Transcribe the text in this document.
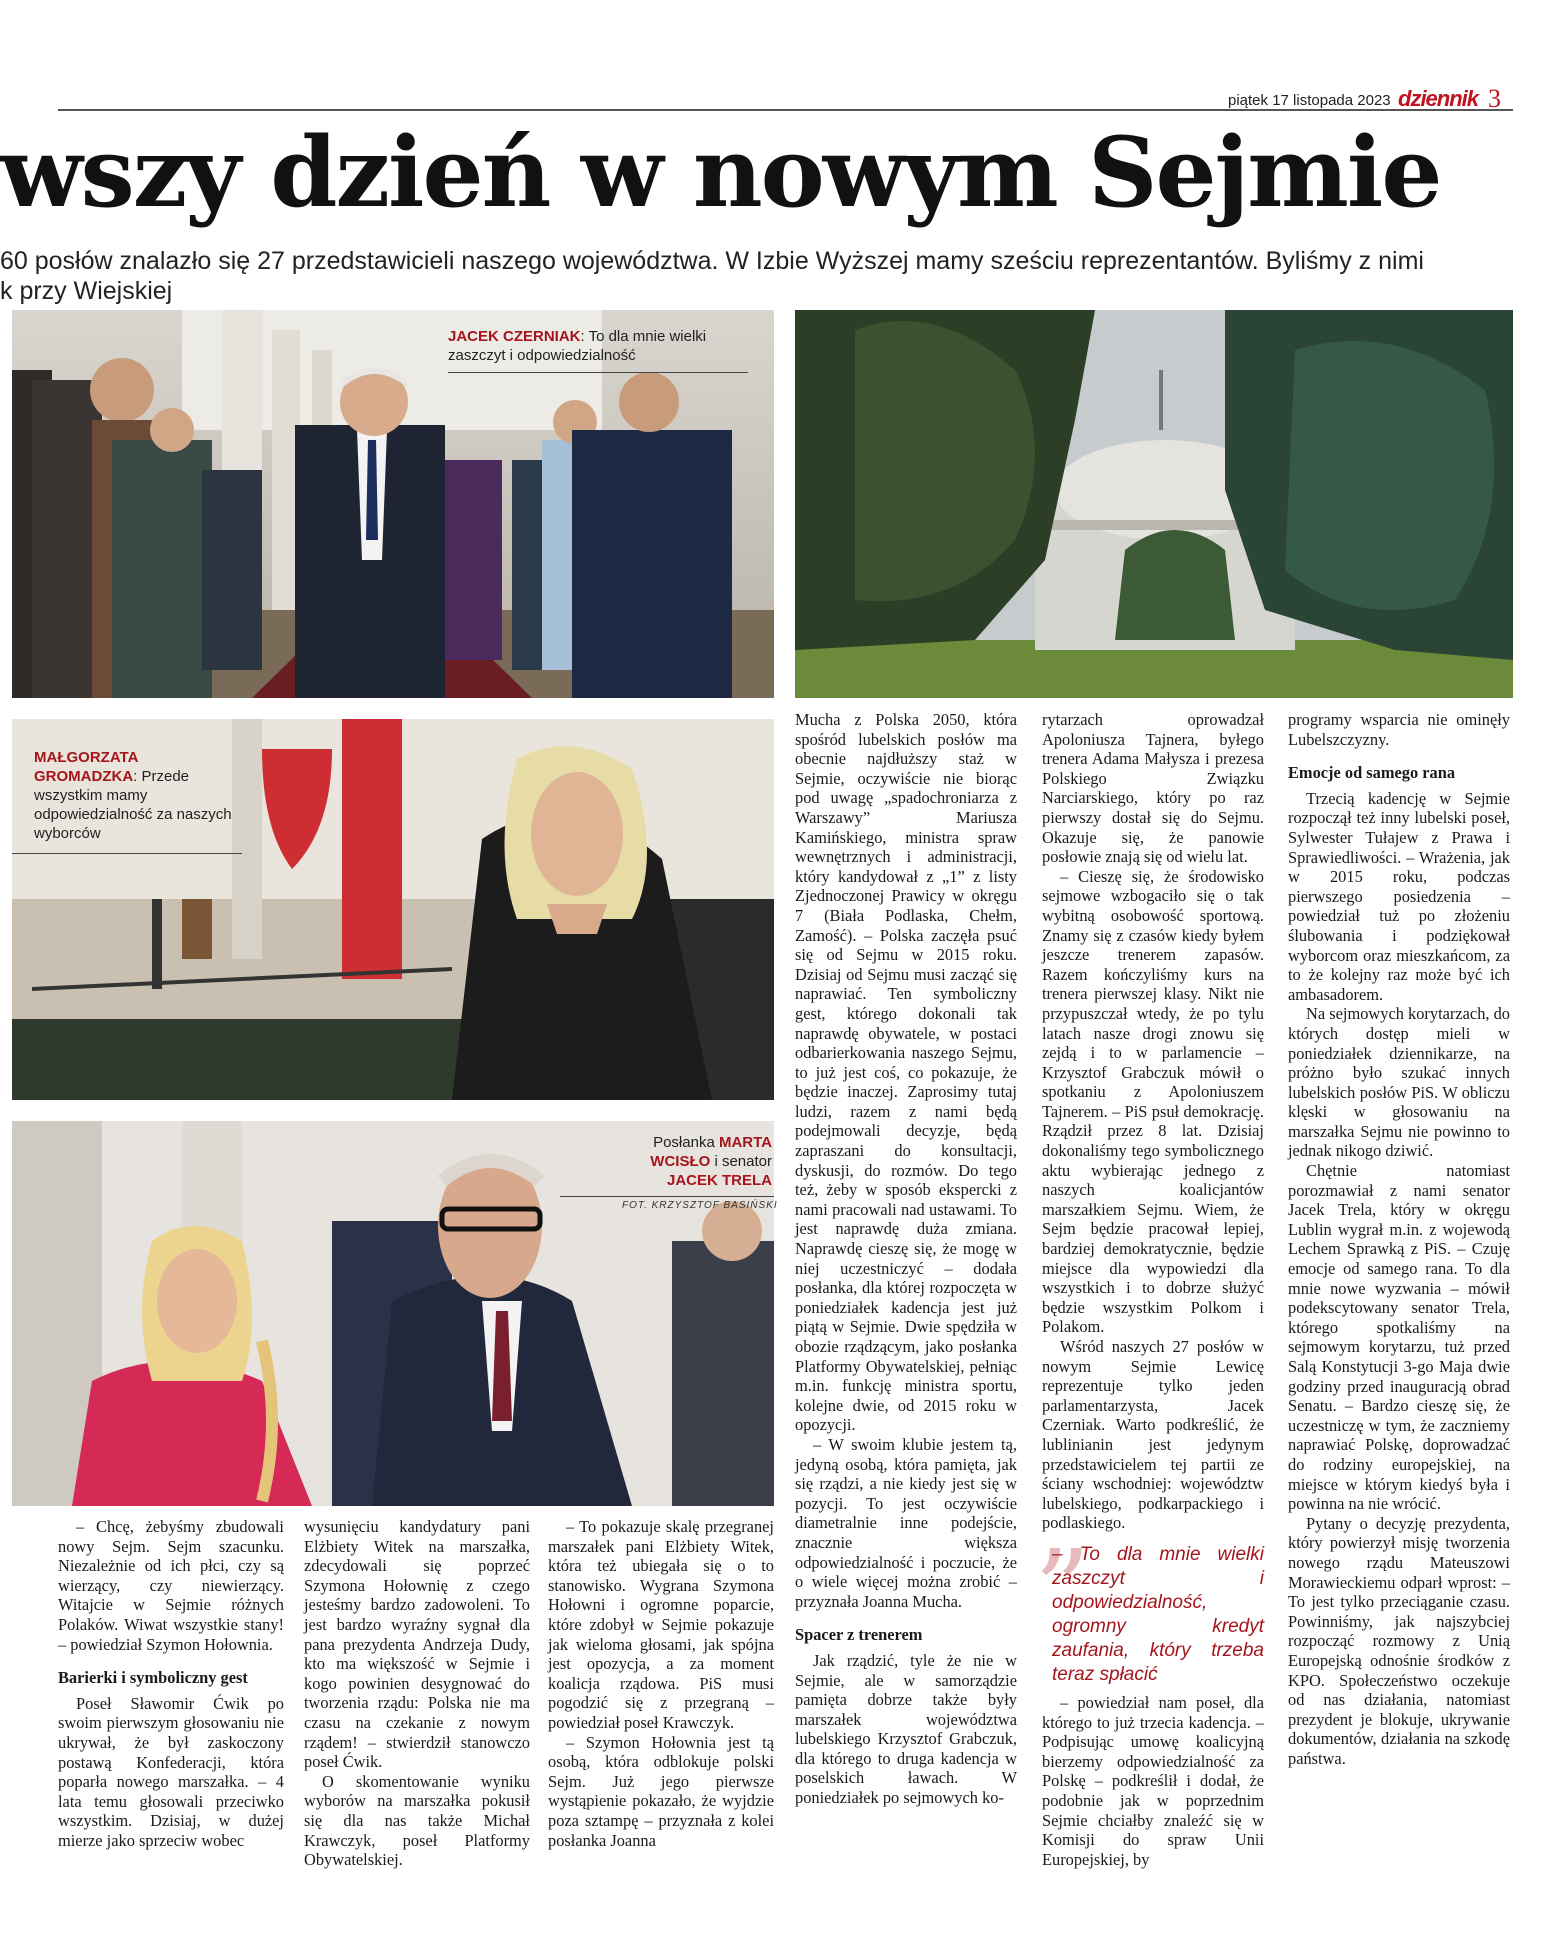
piątek 17 listopada 2023 dziennik 3
wszy dzień w nowym Sejmie
60 posłów znalazło się 27 przedstawicieli naszego województwa. W Izbie Wyższej mamy sześciu reprezentantów. Byliśmy z nimi
k przy Wiejskiej
JACEK CZERNIAK: To dla mnie wielki zaszczyt i odpowiedzialność
MAŁGORZATA GROMADZKA: Przede wszystkim mamy odpowiedzialność za naszych wyborców
Posłanka MARTA WCISŁO i senator JACEK TRELA
FOT. KRZYSZTOF BASIŃSKI

– Chcę, żebyśmy zbudowali nowy Sejm. Sejm szacunku. Niezależnie od ich płci, czy są wierzący, czy niewierzący. Witajcie w Sejmie różnych Polaków. Wiwat wszystkie stany! – powiedział Szymon Hołownia.

Barierki i symboliczny gest

Poseł Sławomir Ćwik po swoim pierwszym głosowaniu nie ukrywał, że był zaskoczony postawą Konfederacji, która poparła nowego marszałka. – 4 lata temu głosowali przeciwko wszystkim. Dzisiaj, w dużej mierze jako sprzeciw wobec

wysunięciu kandydatury pani Elżbiety Witek na marszałka, zdecydowali się poprzeć Szymona Hołownię z czego jesteśmy bardzo zadowoleni. To jest bardzo wyraźny sygnał dla pana prezydenta Andrzeja Dudy, kto ma większość w Sejmie i kogo powinien desygnować do tworzenia rządu: Polska nie ma czasu na czekanie z nowym rządem! – stwierdził stanowczo poseł Ćwik.

O skomentowanie wyniku wyborów na marszałka pokusił się dla nas także Michał Krawczyk, poseł Platformy Obywatelskiej.

– To pokazuje skalę przegranej marszałek pani Elżbiety Witek, która też ubiegała się o to stanowisko. Wygrana Szymona Hołowni i ogromne poparcie, które zdobył w Sejmie pokazuje jak wieloma głosami, jak spójna jest opozycja, a za moment koalicja rządowa. PiS musi pogodzić się z przegraną – powiedział poseł Krawczyk.

– Szymon Hołownia jest tą osobą, która odblokuje polski Sejm. Już jego pierwsze wystąpienie pokazało, że wyjdzie poza sztampę – przyznała z kolei posłanka Joanna

Mucha z Polska 2050, która spośród lubelskich posłów ma obecnie najdłuższy staż w Sejmie, oczywiście nie biorąc pod uwagę „spadochroniarza z Warszawy” Mariusza Kamińskiego, ministra spraw wewnętrznych i administracji, który kandydował z „1” z listy Zjednoczonej Prawicy w okręgu 7 (Biała Podlaska, Chełm, Zamość). – Polska zaczęła psuć się od Sejmu w 2015 roku. Dzisiaj od Sejmu musi zacząć się naprawiać. Ten symboliczny gest, którego dokonali tak naprawdę obywatele, w postaci odbarierkowania naszego Sejmu, to już jest coś, co pokazuje, że będzie inaczej. Zaprosimy tutaj ludzi, razem z nami będą podejmowali decyzje, będą zapraszani do konsultacji, dyskusji, do rozmów. Do tego też, żeby w sposób ekspercki z nami pracowali nad ustawami. To jest naprawdę duża zmiana. Naprawdę cieszę się, że mogę w niej uczestniczyć – dodała posłanka, dla której rozpoczęta w poniedziałek kadencja jest już piątą w Sejmie. Dwie spędziła w obozie rządzącym, jako posłanka Platformy Obywatelskiej, pełniąc m.in. funkcję ministra sportu, kolejne dwie, od 2015 roku w opozycji.

– W swoim klubie jestem tą, jedyną osobą, która pamięta, jak się rządzi, a nie kiedy jest się w pozycji. To jest oczywiście diametralnie inne podejście, znacznie większa odpowiedzialność i poczucie, że o wiele więcej można zrobić – przyznała Joanna Mucha.

Spacer z trenerem

Jak rządzić, tyle że nie w Sejmie, ale w samorządzie pamięta dobrze także były marszałek województwa lubelskiego Krzysztof Grabczuk, dla którego to druga kadencja w poselskich ławach. W poniedziałek po sejmowych ko-

rytarzach oprowadzał Apoloniusza Tajnera, byłego trenera Adama Małysza i prezesa Polskiego Związku Narciarskiego, który po raz pierwszy dostał się do Sejmu. Okazuje się, że panowie posłowie znają się od wielu lat.

– Cieszę się, że środowisko sejmowe wzbogaciło się o tak wybitną osobowość sportową. Znamy się z czasów kiedy byłem jeszcze trenerem zapasów. Razem kończyliśmy kurs na trenera pierwszej klasy. Nikt nie przypuszczał wtedy, że po tylu latach nasze drogi znowu się zejdą i to w parlamencie – Krzysztof Grabczuk mówił o spotkaniu z Apoloniuszem Tajnerem. – PiS psuł demokrację. Rządził przez 8 lat. Dzisiaj dokonaliśmy tego symbolicznego aktu wybierając jednego z naszych koalicjantów marszałkiem Sejmu. Wiem, że Sejm będzie pracował lepiej, bardziej demokratycznie, będzie miejsce dla wypowiedzi dla wszystkich i to dobrze służyć będzie wszystkim Polkom i Polakom.

Wśród naszych 27 posłów w nowym Sejmie Lewicę reprezentuje tylko jeden parlamentarzysta, Jacek Czerniak. Warto podkreślić, że lublinianin jest jedynym przedstawicielem tej partii ze ściany wschodniej: województw lubelskiego, podkarpackiego i podlaskiego.

”
– To dla mnie wielki zaszczyt i odpowiedzialność, ogromny kredyt zaufania, który trzeba teraz spłacić

– powiedział nam poseł, dla którego to już trzecia kadencja. – Podpisując umowę koalicyjną bierzemy odpowiedzialność za Polskę – podkreślił i dodał, że podobnie jak w poprzednim Sejmie chciałby znaleźć się w Komisji do spraw Unii Europejskiej, by

programy wsparcia nie ominęły Lubelszczyzny.

Emocje od samego rana

Trzecią kadencję w Sejmie rozpoczął też inny lubelski poseł, Sylwester Tułajew z Prawa i Sprawiedliwości. – Wrażenia, jak w 2015 roku, podczas pierwszego posiedzenia – powiedział tuż po złożeniu ślubowania i podziękował wyborcom oraz mieszkańcom, za to że kolejny raz może być ich ambasadorem.

Na sejmowych korytarzach, do których dostęp mieli w poniedziałek dziennikarze, na próżno było szukać innych lubelskich posłów PiS. W obliczu klęski w głosowaniu na marszałka Sejmu nie powinno to jednak nikogo dziwić.

Chętnie natomiast porozmawiał z nami senator Jacek Trela, który w okręgu Lublin wygrał m.in. z wojewodą Lechem Sprawką z PiS. – Czuję emocje od samego rana. To dla mnie nowe wyzwania – mówił podekscytowany senator Trela, którego spotkaliśmy na sejmowym korytarzu, tuż przed Salą Konstytucji 3-go Maja dwie godziny przed inauguracją obrad Senatu. – Bardzo cieszę się, że uczestniczę w tym, że zaczniemy naprawiać Polskę, doprowadzać do rodziny europejskiej, na miejsce w którym kiedyś była i powinna na nie wrócić.

Pytany o decyzję prezydenta, który powierzył misję tworzenia nowego rządu Mateuszowi Morawieckiemu odparł wprost: – To jest tylko przeciąganie czasu. Powinniśmy, jak najszybciej rozpocząć rozmowy z Unią Europejską odnośnie środków z KPO. Społeczeństwo oczekuje od nas działania, natomiast prezydent je blokuje, ukrywanie dokumentów, działania na szkodę państwa.
